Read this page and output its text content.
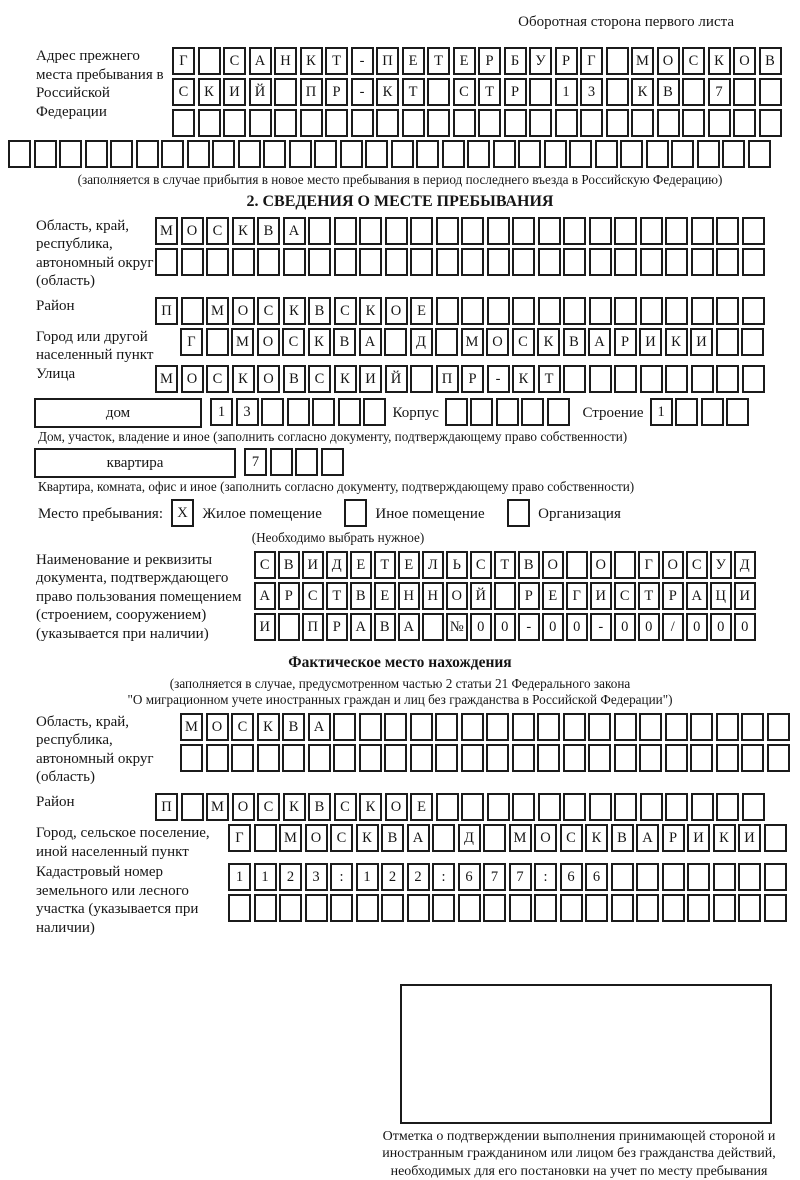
Оборотная сторона первого листа
Адрес прежнего места пребывания в Российской Федерации
Г	С А Н К Т - П Е Т Е Р Б У Р Г	М О С К О В
С К И Й	П Р - К Т	С Т Р	1 3	К В	7
(заполняется в случае прибытия в новое место пребывания в период последнего въезда в Российскую Федерацию)
2. СВЕДЕНИЯ О МЕСТЕ ПРЕБЫВАНИЯ
Область, край, республика, автономный округ (область)
М О С К В А
Район	П	М О С К В С К О Е
Город или другой населенный пункт
Г	М О С К В А	Д	М О С К В А Р И К И
Улица	М О С К О В С К И Й	П Р - К Т
дом	1 3	Корпус	Строение 1
Дом, участок, владение и иное (заполнить согласно документу, подтверждающему право собственности)
квартира	7
Квартира, комната, офис и иное (заполнить согласно документу, подтверждающему право собственности)
Место пребывания: X Жилое помещение	Иное помещение	Организация
(Необходимо выбрать нужное)
Наименование и реквизиты документа, подтверждающего право пользования помещением (строением, сооружением) (указывается при наличии)
С В И Д Е Т Е Л Ь С Т В О	О	Г О С У Д
А Р С Т В Е Н Н О Й	Р Е Г И С Т Р А Ц И
И	П Р А В А № 0 0 - 0 0 - 0 0 / 0 0 0
Фактическое место нахождения
(заполняется в случае, предусмотренном частью 2 статьи 21 Федерального закона
"О миграционном учете иностранных граждан и лиц без гражданства в Российской Федерации")
Область, край, республика, автономный округ (область)
М О С К В А
Район	П	М О С К В С К О Е
Город, сельское поселение, иной населенный пункт
Г	М О С К В А	Д	М О С К В А Р И К И
Кадастровый номер земельного или лесного участка (указывается при наличии)
1 1 2 3 : 1 2 2 : 6 7 7 : 6 6
Отметка о подтверждении выполнения принимающей стороной и иностранным гражданином или лицом без гражданства действий, необходимых для его постановки на учет по месту пребывания
